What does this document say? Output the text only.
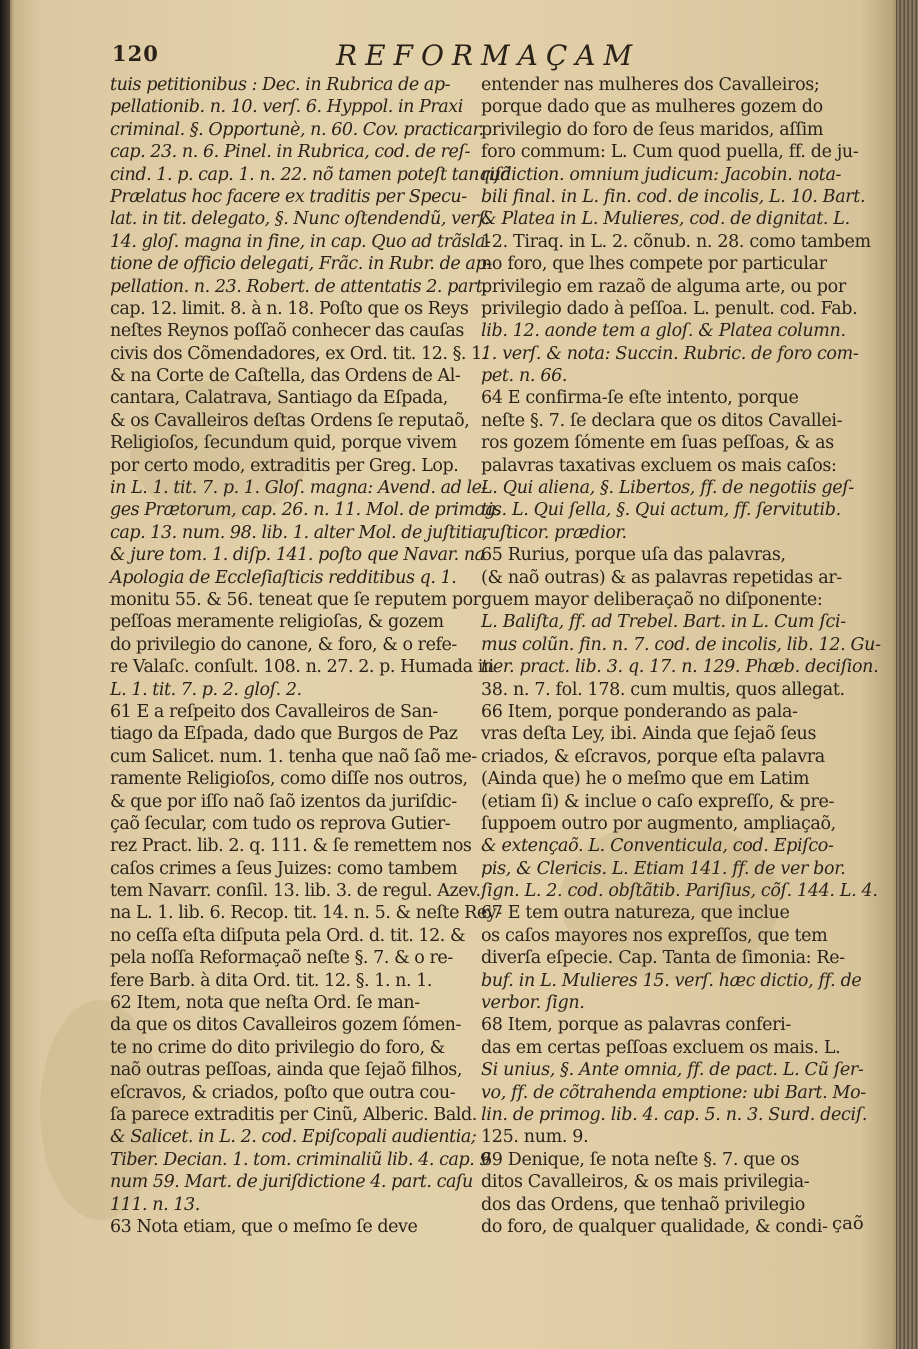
120	REFORMAÇAM
tuis petitionibus : Dec. in Rubrica de ap-
pellationib. n. 10. verſ. 6. Hyppol. in Praxi
criminal. §. Opportunè, n. 60. Cov. practicar.
cap. 23. n. 6. Pinel. in Rubrica, cod. de reſ-
cind. 1. p. cap. 1. n. 22. nõ tamen poteſt tanquã
Prælatus hoc facere ex traditis per Specu-
lat. in tit. delegato, §. Nunc oſtendendũ, verſ.
14. gloſ. magna in fine, in cap. Quo ad trãsla-
tione de officio delegati, Frãc. in Rubr. de ap-
pellation. n. 23. Robert. de attentatis 2. part.
cap. 12. limit. 8. à n. 18. Poſto que os Reys
neſtes Reynos poſſaõ conhecer das cauſas
civis dos Cõmendadores, ex Ord. tit. 12. §. 1.
& na Corte de Caſtella, das Ordens de Al-
cantara, Calatrava, Santiago da Eſpada,
& os Cavalleiros deſtas Ordens ſe reputaõ,
Religioſos, ſecundum quid, porque vivem
por certo modo, extraditis per Greg. Lop.
in L. 1. tit. 7. p. 1. Gloſ. magna: Avend. ad le-
ges Prætorum, cap. 26. n. 11. Mol. de primog.
cap. 13. num. 98. lib. 1. alter Mol. de juſtitia,
& jure tom. 1. diſp. 141. poſto que Navar. na
Apologia de Eccleſiaſticis redditibus q. 1.
monitu 55. & 56. teneat que ſe reputem por
peſſoas meramente religioſas, & gozem
do privilegio do canone, & foro, & o refe-
re Valaſc. conſult. 108. n. 27. 2. p. Humada in
L. 1. tit. 7. p. 2. gloſ. 2.
61 E a reſpeito dos Cavalleiros de San-
tiago da Eſpada, dado que Burgos de Paz
cum Salicet. num. 1. tenha que naõ ſaõ me-
ramente Religioſos, como diſſe nos outros,
& que por iſſo naõ ſaõ izentos da juriſdic-
çaõ ſecular, com tudo os reprova Gutier-
rez Pract. lib. 2. q. 111. & ſe remettem nos
caſos crimes a ſeus Juizes: como tambem
tem Navarr. conſil. 13. lib. 3. de regul. Azev.
na L. 1. lib. 6. Recop. tit. 14. n. 5. & neſte Rey-
no ceſſa eſta diſputa pela Ord. d. tit. 12. &
pela noſſa Reformaçaõ neſte §. 7. & o re-
fere Barb. à dita Ord. tit. 12. §. 1. n. 1.
62 Item, nota que neſta Ord. ſe man-
da que os ditos Cavalleiros gozem ſómen-
te no crime do dito privilegio do foro, &
naõ outras peſſoas, ainda que ſejaõ filhos,
eſcravos, & criados, poſto que outra cou-
ſa parece extraditis per Cinũ, Alberic. Bald.
& Salicet. in L. 2. cod. Epiſcopali audientia;
Tiber. Decian. 1. tom. criminaliũ lib. 4. cap. 9
num 59. Mart. de juriſdictione 4. part. caſu
111. n. 13.
63 Nota etiam, que o meſmo ſe deve
entender nas mulheres dos Cavalleiros;
porque dado que as mulheres gozem do
privilegio do foro de ſeus maridos, aſſim
foro commum: L. Cum quod puella, ff. de ju-
riſdiction. omnium judicum: Jacobin. nota-
bili final. in L. fin. cod. de incolis, L. 10. Bart.
& Platea in L. Mulieres, cod. de dignitat. L.
12. Tiraq. in L. 2. cõnub. n. 28. como tambem
no foro, que lhes compete por particular
privilegio em razaõ de alguma arte, ou por
privilegio dado à peſſoa. L. penult. cod. Fab.
lib. 12. aonde tem a gloſ. & Platea column.
1. verſ. & nota: Succin. Rubric. de foro com-
pet. n. 66.
64 E confirma-ſe eſte intento, porque
neſte §. 7. ſe declara que os ditos Cavallei-
ros gozem ſómente em ſuas peſſoas, & as
palavras taxativas excluem os mais caſos:
L. Qui aliena, §. Libertos, ff. de negotiis geſ-
tis. L. Qui ſella, §. Qui actum, ff. ſervitutib.
ruſticor. prædior.
65 Rurius, porque uſa das palavras,
(& naõ outras) & as palavras repetidas ar-
guem mayor deliberaçaõ no diſponente:
L. Baliſta, ff. ad Trebel. Bart. in L. Cum ſci-
mus colũn. fin. n. 7. cod. de incolis, lib. 12. Gu-
tier. pract. lib. 3. q. 17. n. 129. Phæb. deciſion.
38. n. 7. fol. 178. cum multis, quos allegat.
66 Item, porque ponderando as pala-
vras deſta Ley, ibi. Ainda que ſejaõ ſeus
criados, & eſcravos, porque eſta palavra
(Ainda que) he o meſmo que em Latim
(etiam ſi) & inclue o caſo expreſſo, & pre-
ſuppoem outro por augmento, ampliaçaõ,
& extençaõ. L. Conventicula, cod. Epiſco-
pis, & Clericis. L. Etiam 141. ff. de ver bor.
ſign. L. 2. cod. obſtãtib. Pariſius, cõſ. 144. L. 4.
67 E tem outra natureza, que inclue
os caſos mayores nos expreſſos, que tem
diverſa eſpecie. Cap. Tanta de ſimonia: Re-
buf. in L. Mulieres 15. verſ. hæc dictio, ff. de
verbor. ſign.
68 Item, porque as palavras conferi-
das em certas peſſoas excluem os mais. L.
Si unius, §. Ante omnia, ff. de pact. L. Cũ ſer-
vo, ff. de cõtrahenda emptione: ubi Bart. Mo-
lin. de primog. lib. 4. cap. 5. n. 3. Surd. deciſ.
125. num. 9.
69 Denique, ſe nota neſte §. 7. que os
ditos Cavalleiros, & os mais privilegia-
dos das Ordens, que tenhaõ privilegio
do foro, de qualquer qualidade, & condi- çaõ
